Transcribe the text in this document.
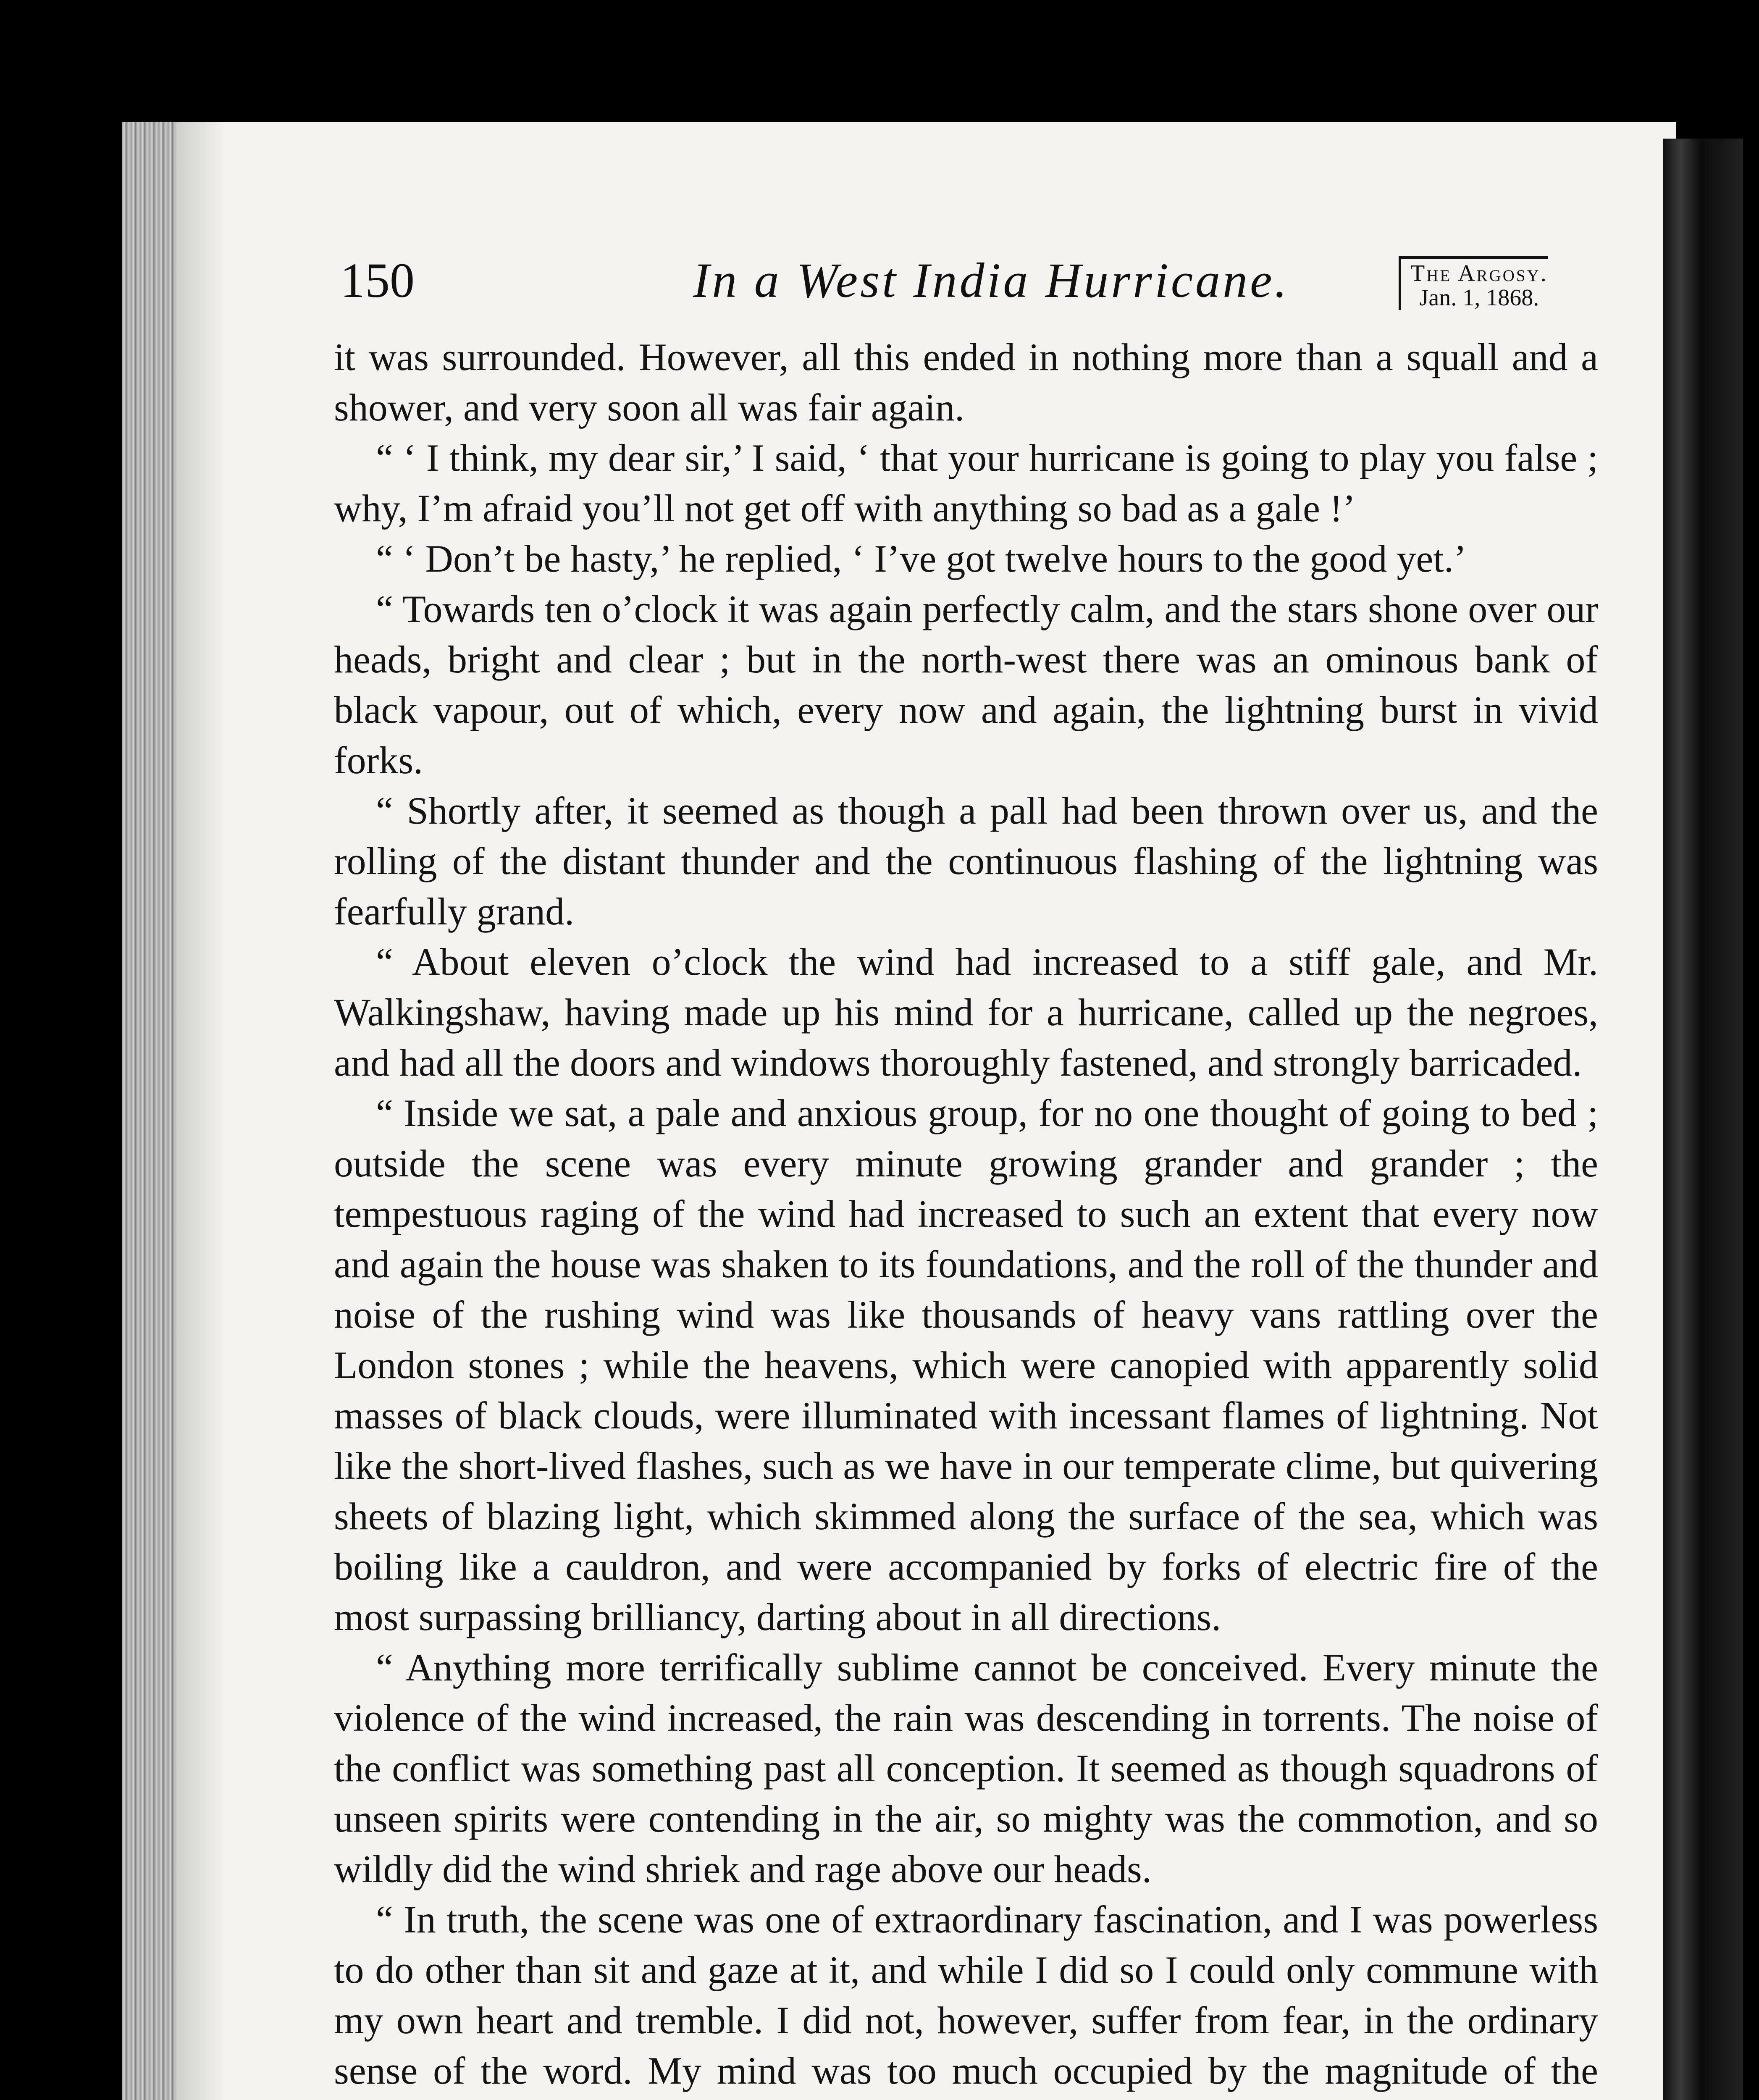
150	In a West India Hurricane.	The Argosy.
Jan. 1, 1868.

it was surrounded. However, all this ended in nothing more than a squall and a shower, and very soon all was fair again.

“ ‘ I think, my dear sir,’ I said, ‘ that your hurricane is going to play you false ; why, I’m afraid you’ll not get off with anything so bad as a gale !’

“ ‘ Don’t be hasty,’ he replied, ‘ I’ve got twelve hours to the good yet.’

“ Towards ten o’clock it was again perfectly calm, and the stars shone over our heads, bright and clear ; but in the north-west there was an ominous bank of black vapour, out of which, every now and again, the lightning burst in vivid forks.

“ Shortly after, it seemed as though a pall had been thrown over us, and the rolling of the distant thunder and the continuous flashing of the lightning was fearfully grand.

“ About eleven o’clock the wind had increased to a stiff gale, and Mr. Walkingshaw, having made up his mind for a hurricane, called up the negroes, and had all the doors and windows thoroughly fastened, and strongly barricaded.

“ Inside we sat, a pale and anxious group, for no one thought of going to bed ; outside the scene was every minute growing grander and grander ; the tempestuous raging of the wind had increased to such an extent that every now and again the house was shaken to its foundations, and the roll of the thunder and noise of the rushing wind was like thousands of heavy vans rattling over the London stones ; while the heavens, which were canopied with apparently solid masses of black clouds, were illuminated with incessant flames of lightning. Not like the short-lived flashes, such as we have in our temperate clime, but quivering sheets of blazing light, which skimmed along the surface of the sea, which was boiling like a cauldron, and were accompanied by forks of electric fire of the most surpassing brilliancy, darting about in all directions.

“ Anything more terrifically sublime cannot be conceived. Every minute the violence of the wind increased, the rain was descending in torrents. The noise of the conflict was something past all conception. It seemed as though squadrons of unseen spirits were contending in the air, so mighty was the commotion, and so wildly did the wind shriek and rage above our heads.

“ In truth, the scene was one of extraordinary fascination, and I was powerless to do other than sit and gaze at it, and while I did so I could only commune with my own heart and tremble. I did not, however, suffer from fear, in the ordinary sense of the word. My mind was too much occupied by the magnitude of the
